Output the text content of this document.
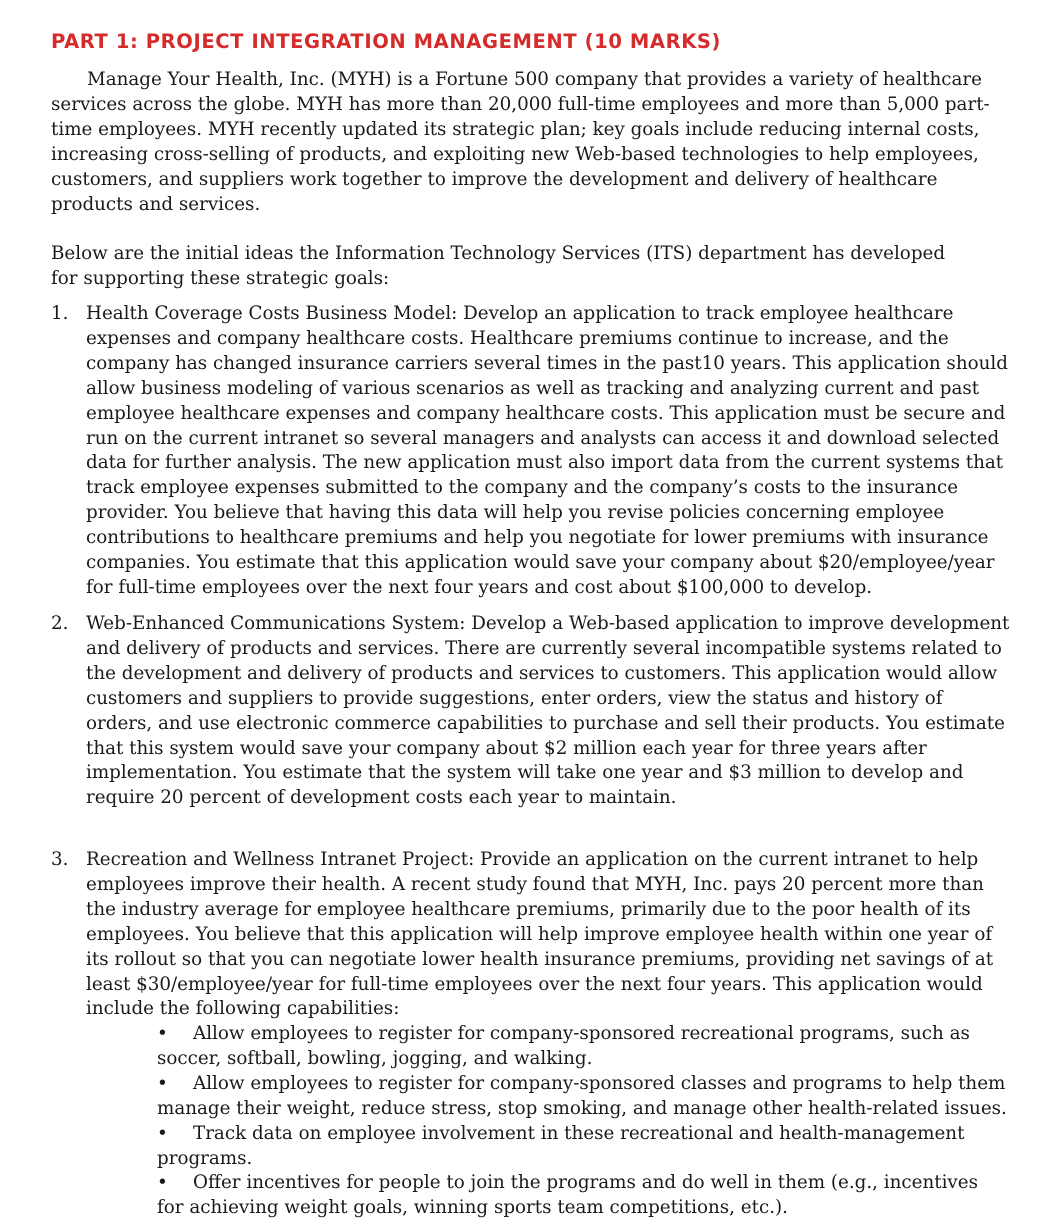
PART 1: PROJECT INTEGRATION MANAGEMENT (10 MARKS)

Manage Your Health, Inc. (MYH) is a Fortune 500 company that provides a variety of healthcare services across the globe. MYH has more than 20,000 full-time employees and more than 5,000 part-time employees. MYH recently updated its strategic plan; key goals include reducing internal costs, increasing cross-selling of products, and exploiting new Web-based technologies to help employees, customers, and suppliers work together to improve the development and delivery of healthcare products and services.

Below are the initial ideas the Information Technology Services (ITS) department has developed for supporting these strategic goals:

1. Health Coverage Costs Business Model: Develop an application to track employee healthcare expenses and company healthcare costs. Healthcare premiums continue to increase, and the company has changed insurance carriers several times in the past10 years. This application should allow business modeling of various scenarios as well as tracking and analyzing current and past employee healthcare expenses and company healthcare costs. This application must be secure and run on the current intranet so several managers and analysts can access it and download selected data for further analysis. The new application must also import data from the current systems that track employee expenses submitted to the company and the company’s costs to the insurance provider. You believe that having this data will help you revise policies concerning employee contributions to healthcare premiums and help you negotiate for lower premiums with insurance companies. You estimate that this application would save your company about $20/employee/year for full-time employees over the next four years and cost about $100,000 to develop.

2. Web-Enhanced Communications System: Develop a Web-based application to improve development and delivery of products and services. There are currently several incompatible systems related to the development and delivery of products and services to customers. This application would allow customers and suppliers to provide suggestions, enter orders, view the status and history of orders, and use electronic commerce capabilities to purchase and sell their products. You estimate that this system would save your company about $2 million each year for three years after implementation. You estimate that the system will take one year and $3 million to develop and require 20 percent of development costs each year to maintain.

3. Recreation and Wellness Intranet Project: Provide an application on the current intranet to help employees improve their health. A recent study found that MYH, Inc. pays 20 percent more than the industry average for employee healthcare premiums, primarily due to the poor health of its employees. You believe that this application will help improve employee health within one year of its rollout so that you can negotiate lower health insurance premiums, providing net savings of at least $30/employee/year for full-time employees over the next four years. This application would include the following capabilities:

• Allow employees to register for company-sponsored recreational programs, such as soccer, softball, bowling, jogging, and walking.
• Allow employees to register for company-sponsored classes and programs to help them manage their weight, reduce stress, stop smoking, and manage other health-related issues.
• Track data on employee involvement in these recreational and health-management programs.
• Offer incentives for people to join the programs and do well in them (e.g., incentives for achieving weight goals, winning sports team competitions, etc.).
